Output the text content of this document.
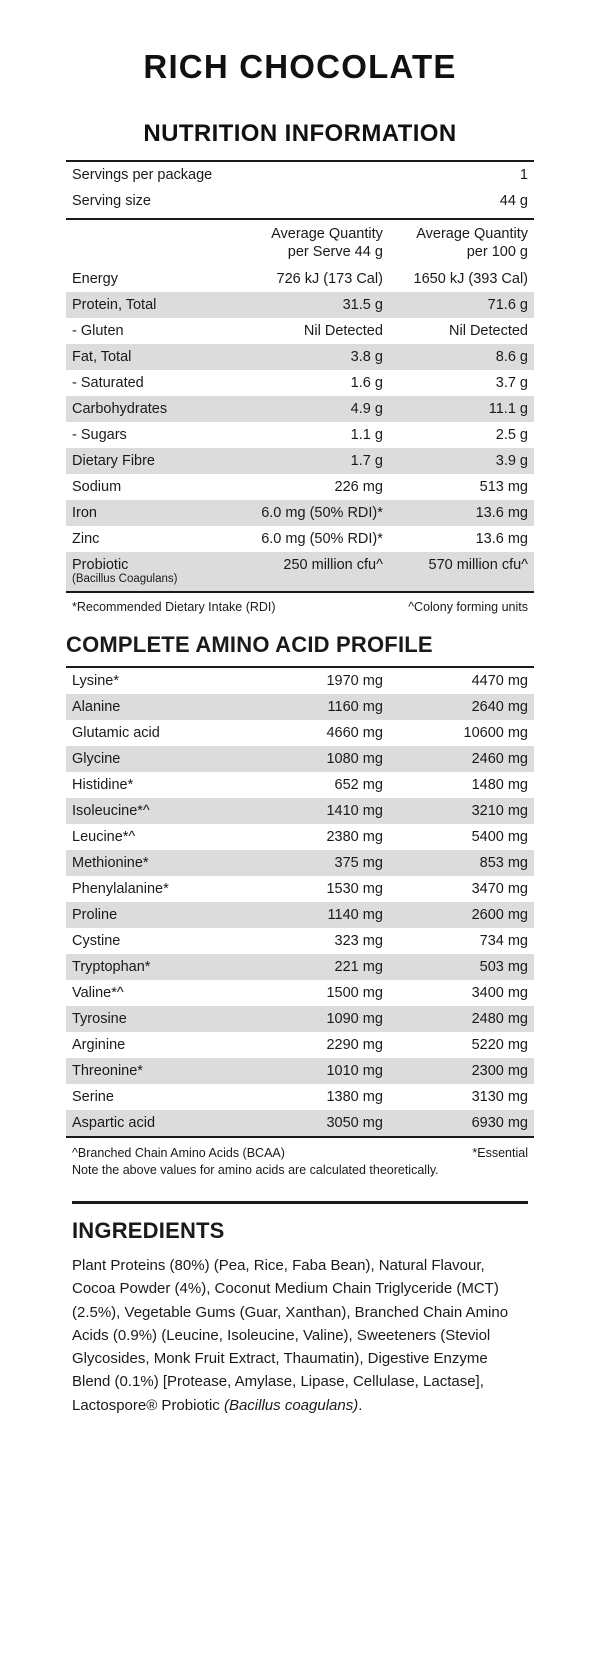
RICH CHOCOLATE
NUTRITION INFORMATION
Servings per package		1
Serving size		44 g

Average Quantity
per Serve 44 g

Average Quantity
per 100 g

Energy	726 kJ (173 Cal)	1650 kJ (393 Cal)
Protein, Total	31.5 g	71.6 g
- Gluten	Nil Detected	Nil Detected
Fat, Total	3.8 g	8.6 g
- Saturated	1.6 g	3.7 g
Carbohydrates	4.9 g	11.1 g
- Sugars	1.1 g	2.5 g
Dietary Fibre	1.7 g	3.9 g
Sodium	226 mg	513 mg
Iron	6.0 mg (50% RDI)*	13.6 mg
Zinc	6.0 mg (50% RDI)*	13.6 mg
Probiotic
(Bacillus Coagulans)	250 million cfu^	570 million cfu^
*Recommended Dietary Intake (RDI)	^Colony forming units
COMPLETE AMINO ACID PROFILE
Lysine*	1970 mg	4470 mg
Alanine	1160 mg	2640 mg
Glutamic acid	4660 mg	10600 mg
Glycine	1080 mg	2460 mg
Histidine*	652 mg	1480 mg
Isoleucine*^	1410 mg	3210 mg
Leucine*^	2380 mg	5400 mg
Methionine*	375 mg	853 mg
Phenylalanine*	1530 mg	3470 mg
Proline	1140 mg	2600 mg
Cystine	323 mg	734 mg
Tryptophan*	221 mg	503 mg
Valine*^	1500 mg	3400 mg
Tyrosine	1090 mg	2480 mg
Arginine	2290 mg	5220 mg
Threonine*	1010 mg	2300 mg
Serine	1380 mg	3130 mg
Aspartic acid	3050 mg	6930 mg
^Branched Chain Amino Acids (BCAA)	*Essential
Note the above values for amino acids are calculated theoretically.
INGREDIENTS
Plant Proteins (80%) (Pea, Rice, Faba Bean), Natural Flavour, Cocoa Powder (4%), Coconut Medium Chain Triglyceride (MCT) (2.5%), Vegetable Gums (Guar, Xanthan), Branched Chain Amino Acids (0.9%) (Leucine, Isoleucine, Valine), Sweeteners (Steviol Glycosides, Monk Fruit Extract, Thaumatin), Digestive Enzyme Blend (0.1%) [Protease, Amylase, Lipase, Cellulase, Lactase], Lactospore® Probiotic (Bacillus coagulans).
